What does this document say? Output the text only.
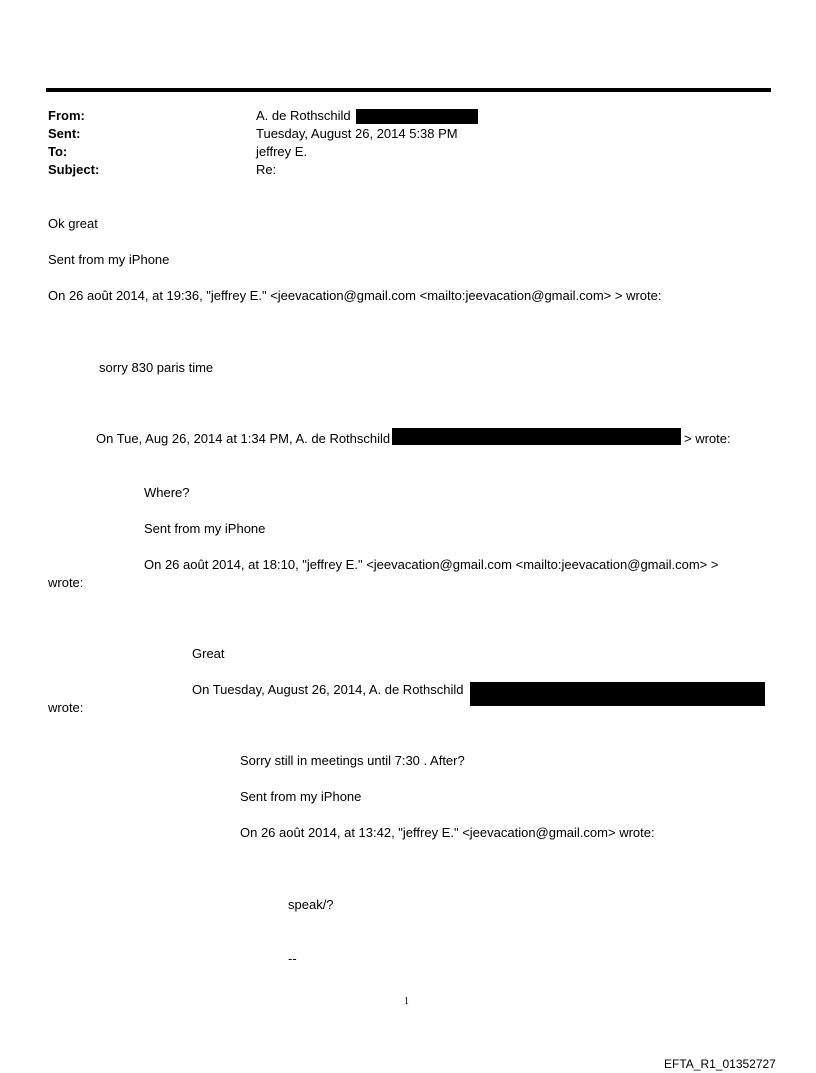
From:	A. de Rothschild
Sent:	Tuesday, August 26, 2014 5:38 PM
To:	jeffrey E.
Subject:	Re:
Ok great
Sent from my iPhone
On 26 août 2014, at 19:36, "jeffrey E." <jeevacation@gmail.com <mailto:jeevacation@gmail.com> > wrote:
sorry 830 paris time
On Tue, Aug 26, 2014 at 1:34 PM, A. de Rothschild	> wrote:
Where?
Sent from my iPhone
On 26 août 2014, at 18:10, "jeffrey E." <jeevacation@gmail.com <mailto:jeevacation@gmail.com> >
wrote:
Great
On Tuesday, August 26, 2014, A. de Rothschild
wrote:
Sorry still in meetings until 7:30 . After?
Sent from my iPhone
On 26 août 2014, at 13:42, "jeffrey E." <jeevacation@gmail.com> wrote:
speak/?
--
1
EFTA_R1_01352727
